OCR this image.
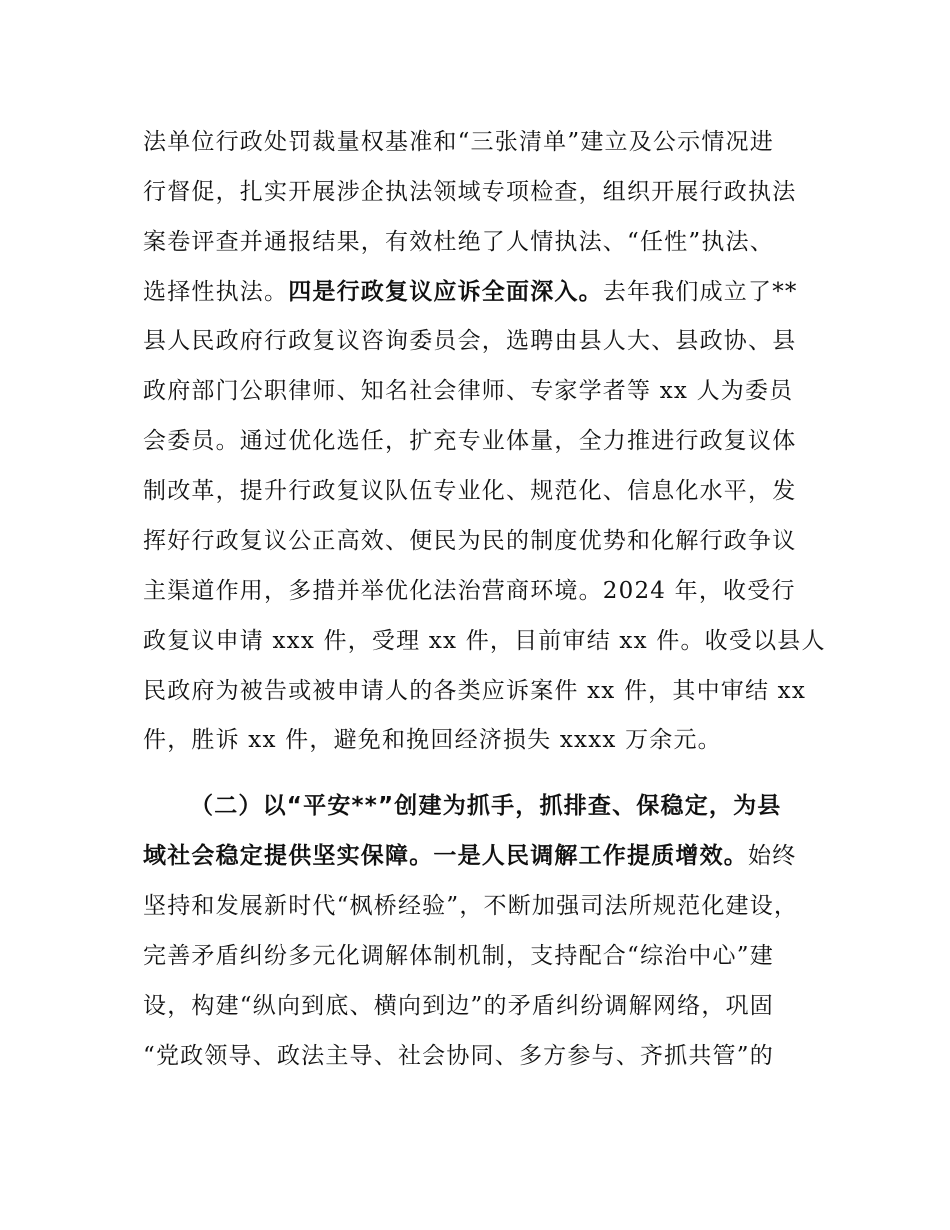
法单位行政处罚裁量权基准和“三张清单”建立及公示情况进
行督促，扎实开展涉企执法领域专项检查，组织开展行政执法
案卷评查并通报结果，有效杜绝了人情执法、“任性”执法、
选择性执法。四是行政复议应诉全面深入。去年我们成立了**
县人民政府行政复议咨询委员会，选聘由县人大、县政协、县
政府部门公职律师、知名社会律师、专家学者等 xx 人为委员
会委员。通过优化选任，扩充专业体量，全力推进行政复议体
制改革，提升行政复议队伍专业化、规范化、信息化水平，发
挥好行政复议公正高效、便民为民的制度优势和化解行政争议
主渠道作用，多措并举优化法治营商环境。2024 年，收受行
政复议申请 xxx 件，受理 xx 件，目前审结 xx 件。收受以县人
民政府为被告或被申请人的各类应诉案件 xx 件，其中审结 xx
件，胜诉 xx 件，避免和挽回经济损失 xxxx 万余元。
（二）以“平安**”创建为抓手，抓排查、保稳定，为县
域社会稳定提供坚实保障。一是人民调解工作提质增效。始终
坚持和发展新时代“枫桥经验”，不断加强司法所规范化建设，
完善矛盾纠纷多元化调解体制机制，支持配合“综治中心”建
设，构建“纵向到底、横向到边”的矛盾纠纷调解网络，巩固
“党政领导、政法主导、社会协同、多方参与、齐抓共管”的
